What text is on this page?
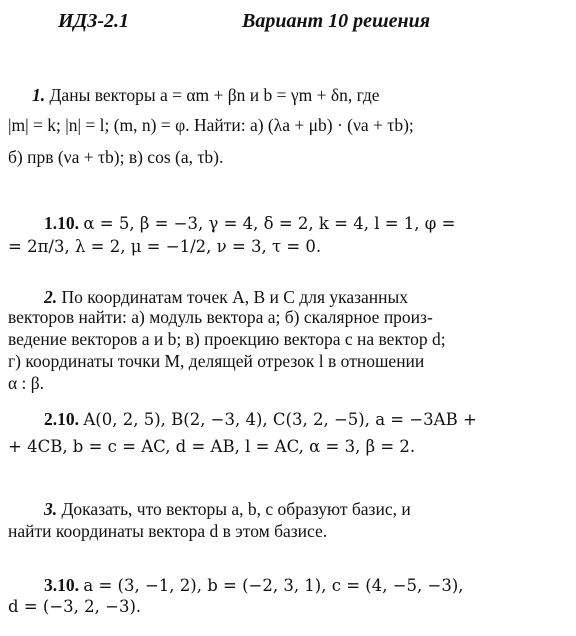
ИДЗ-2.1	Вариант 10 решения
1. Даны векторы a = αm + βn и b = γm + δn, где
|m| = k; |n| = l; (m, n) = φ. Найти: а) (λa + μb) · (νa + τb);
б) прв (νa + τb); в) cos (a, τb).
1.10. α = 5, β = −3, γ = 4, δ = 2, k = 4, l = 1, φ =
= 2π/3, λ = 2, μ = −1/2, ν = 3, τ = 0.
2. По координатам точек A, B и C для указанных
векторов найти: а) модуль вектора a; б) скалярное произ-
ведение векторов a и b; в) проекцию вектора c на вектор d;
г) координаты точки M, делящей отрезок l в отношении
α : β.
2.10. A(0, 2, 5), B(2, −3, 4), C(3, 2, −5), a = −3AB +
+ 4CB, b = c = AC, d = AB, l = AC, α = 3, β = 2.
3. Доказать, что векторы a, b, c образуют базис, и
найти координаты вектора d в этом базисе.
3.10. a = (3, −1, 2), b = (−2, 3, 1), c = (4, −5, −3),
d = (−3, 2, −3).
